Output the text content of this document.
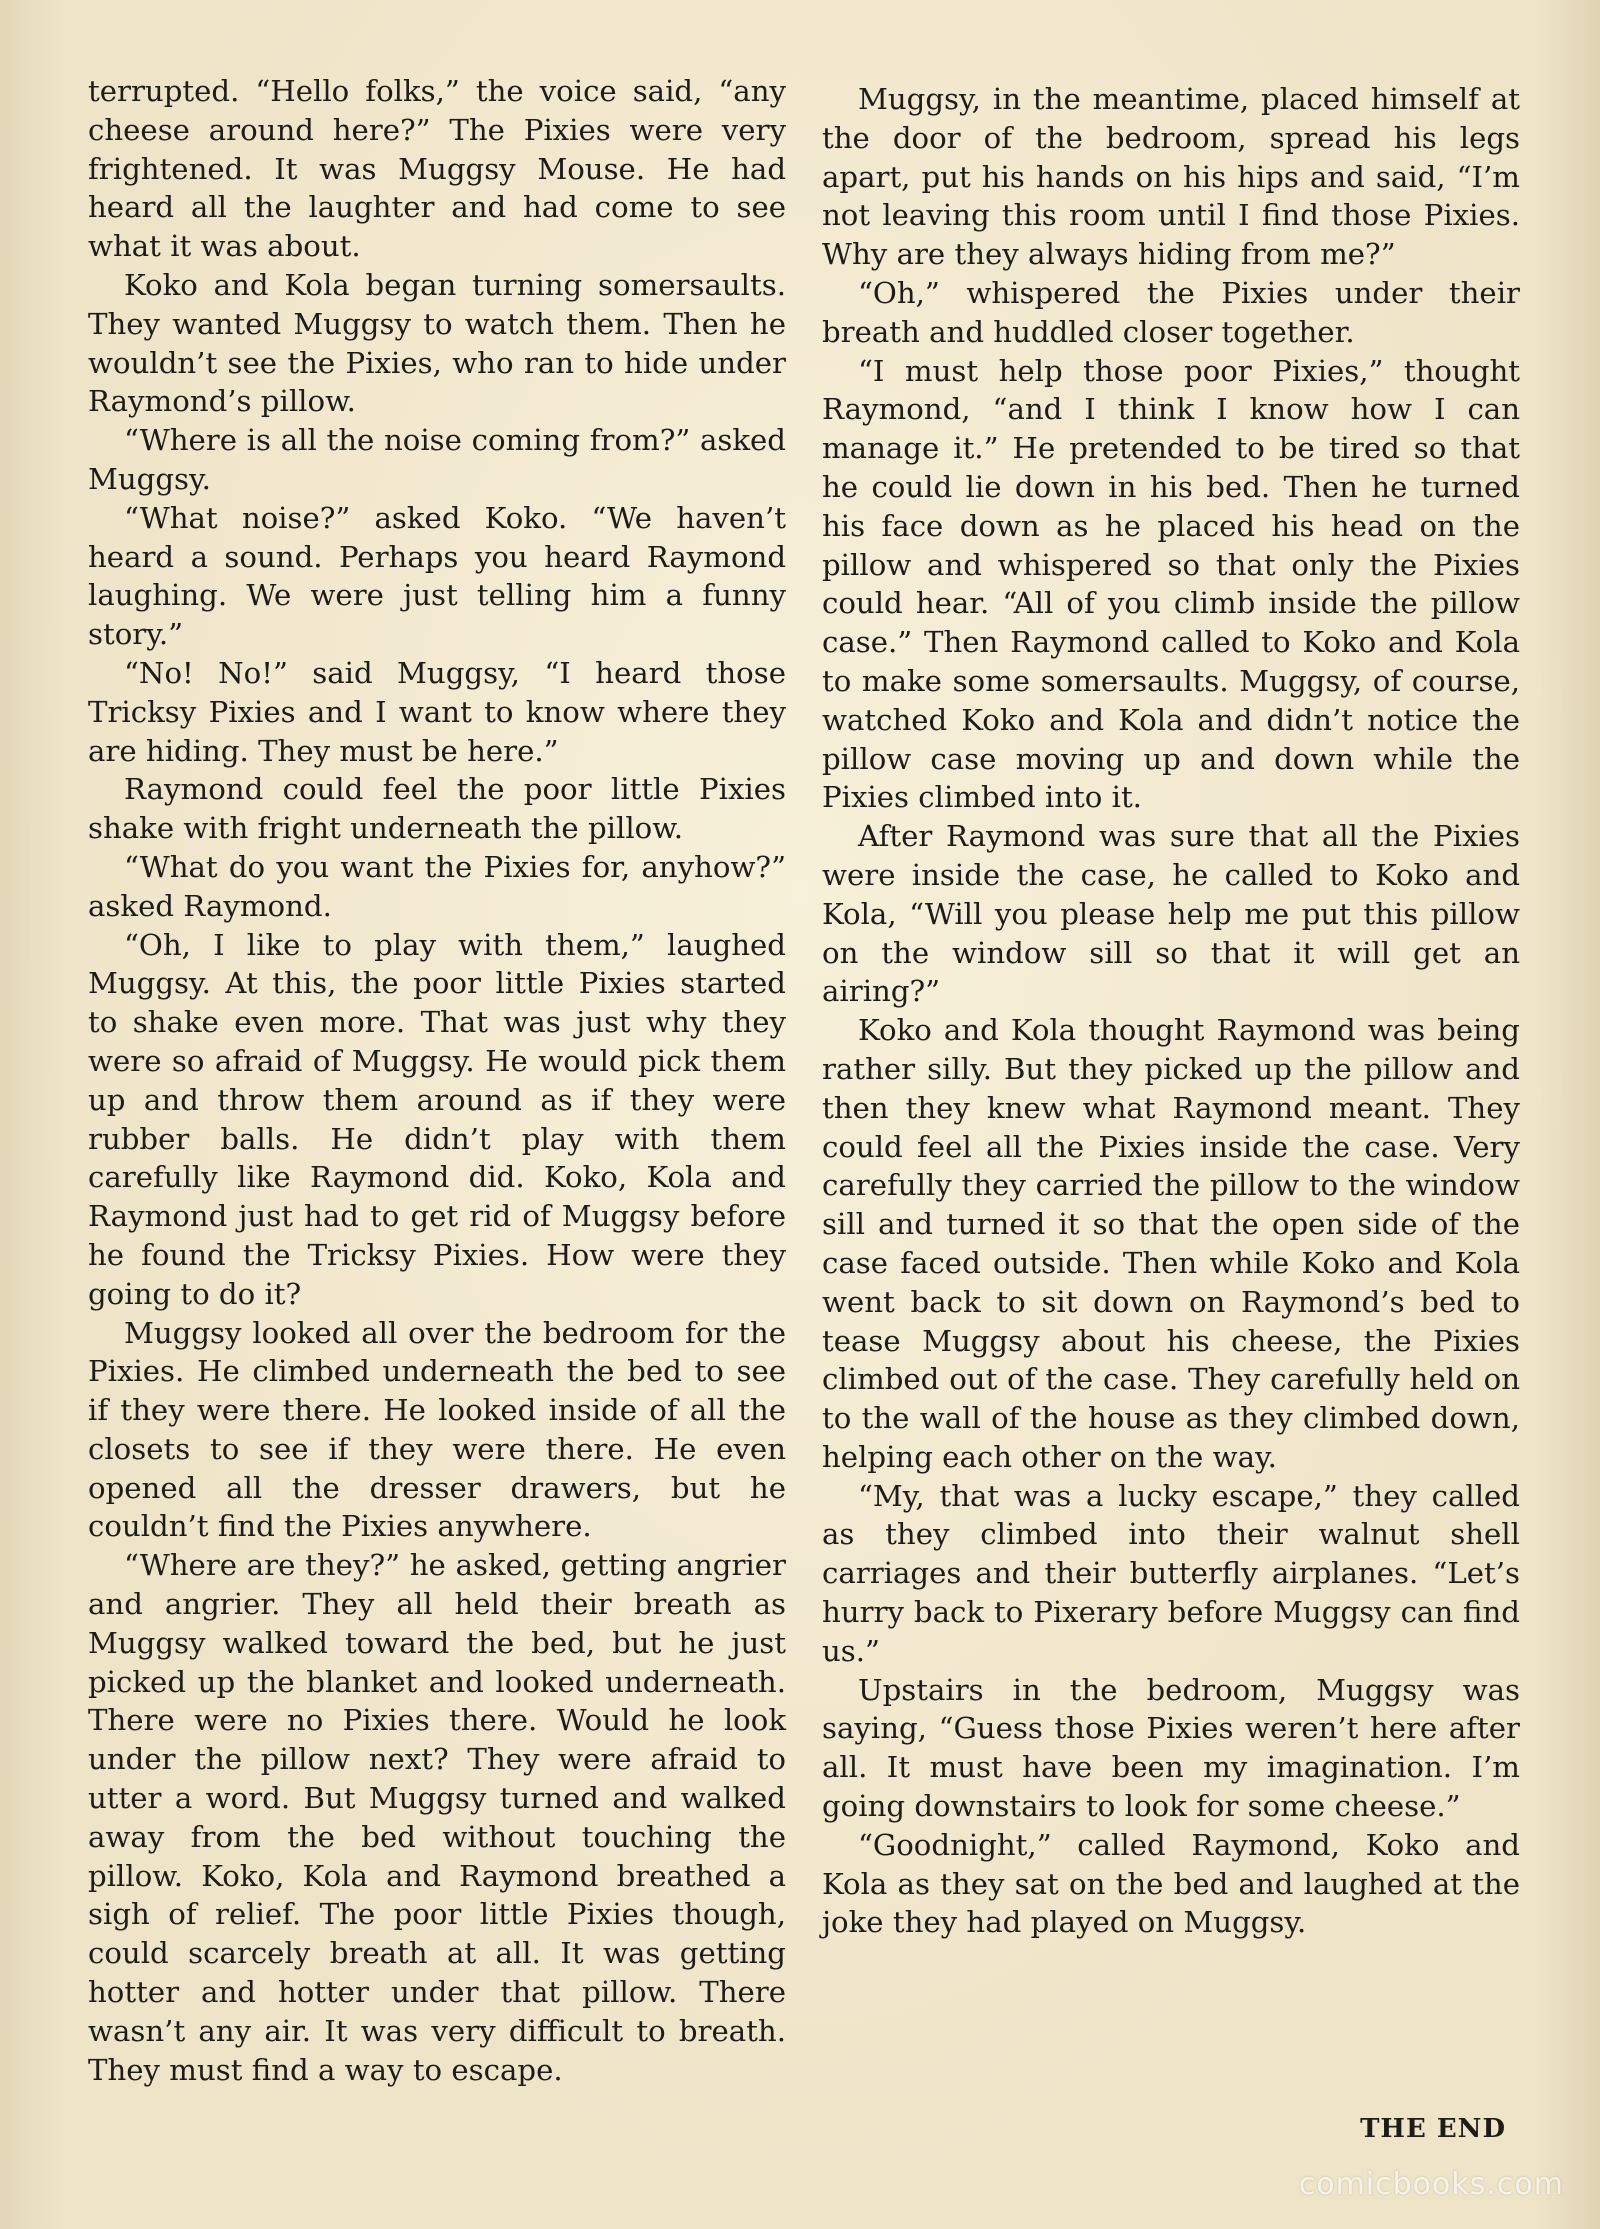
terrupted. “Hello folks,” the voice said, “any cheese around here?” The Pixies were very frightened. It was Muggsy Mouse. He had heard all the laughter and had come to see what it was about.

Koko and Kola began turning somersaults. They wanted Muggsy to watch them. Then he wouldn’t see the Pixies, who ran to hide under Raymond’s pillow.

“Where is all the noise coming from?” asked Muggsy.

“What noise?” asked Koko. “We haven’t heard a sound. Perhaps you heard Raymond laughing. We were just telling him a funny story.”

“No! No!” said Muggsy, “I heard those Tricksy Pixies and I want to know where they are hiding. They must be here.”

Raymond could feel the poor little Pixies shake with fright underneath the pillow.

“What do you want the Pixies for, anyhow?” asked Raymond.

“Oh, I like to play with them,” laughed Muggsy. At this, the poor little Pixies started to shake even more. That was just why they were so afraid of Muggsy. He would pick them up and throw them around as if they were rubber balls. He didn’t play with them carefully like Raymond did. Koko, Kola and Raymond just had to get rid of Muggsy before he found the Tricksy Pixies. How were they going to do it?

Muggsy looked all over the bedroom for the Pixies. He climbed underneath the bed to see if they were there. He looked inside of all the closets to see if they were there. He even opened all the dresser drawers, but he couldn’t find the Pixies anywhere.

“Where are they?” he asked, getting angrier and angrier. They all held their breath as Muggsy walked toward the bed, but he just picked up the blanket and looked underneath. There were no Pixies there. Would he look under the pillow next? They were afraid to utter a word. But Muggsy turned and walked away from the bed without touching the pillow. Koko, Kola and Raymond breathed a sigh of relief. The poor little Pixies though, could scarcely breath at all. It was getting hotter and hotter under that pillow. There wasn’t any air. It was very difficult to breath. They must find a way to escape.

Muggsy, in the meantime, placed himself at the door of the bedroom, spread his legs apart, put his hands on his hips and said, “I’m not leaving this room until I find those Pixies. Why are they always hiding from me?”

“Oh,” whispered the Pixies under their breath and huddled closer together.

“I must help those poor Pixies,” thought Raymond, “and I think I know how I can manage it.” He pretended to be tired so that he could lie down in his bed. Then he turned his face down as he placed his head on the pillow and whispered so that only the Pixies could hear. “All of you climb inside the pillow case.” Then Raymond called to Koko and Kola to make some somersaults. Muggsy, of course, watched Koko and Kola and didn’t notice the pillow case moving up and down while the Pixies climbed into it.

After Raymond was sure that all the Pixies were inside the case, he called to Koko and Kola, “Will you please help me put this pillow on the window sill so that it will get an airing?”

Koko and Kola thought Raymond was being rather silly. But they picked up the pillow and then they knew what Raymond meant. They could feel all the Pixies inside the case. Very carefully they carried the pillow to the window sill and turned it so that the open side of the case faced outside. Then while Koko and Kola went back to sit down on Raymond’s bed to tease Muggsy about his cheese, the Pixies climbed out of the case. They carefully held on to the wall of the house as they climbed down, helping each other on the way.

“My, that was a lucky escape,” they called as they climbed into their walnut shell carriages and their butterfly airplanes. “Let’s hurry back to Pixerary before Muggsy can find us.”

Upstairs in the bedroom, Muggsy was saying, “Guess those Pixies weren’t here after all. It must have been my imagination. I’m going downstairs to look for some cheese.”

“Goodnight,” called Raymond, Koko and Kola as they sat on the bed and laughed at the joke they had played on Muggsy.

THE END
comicbooks.com
